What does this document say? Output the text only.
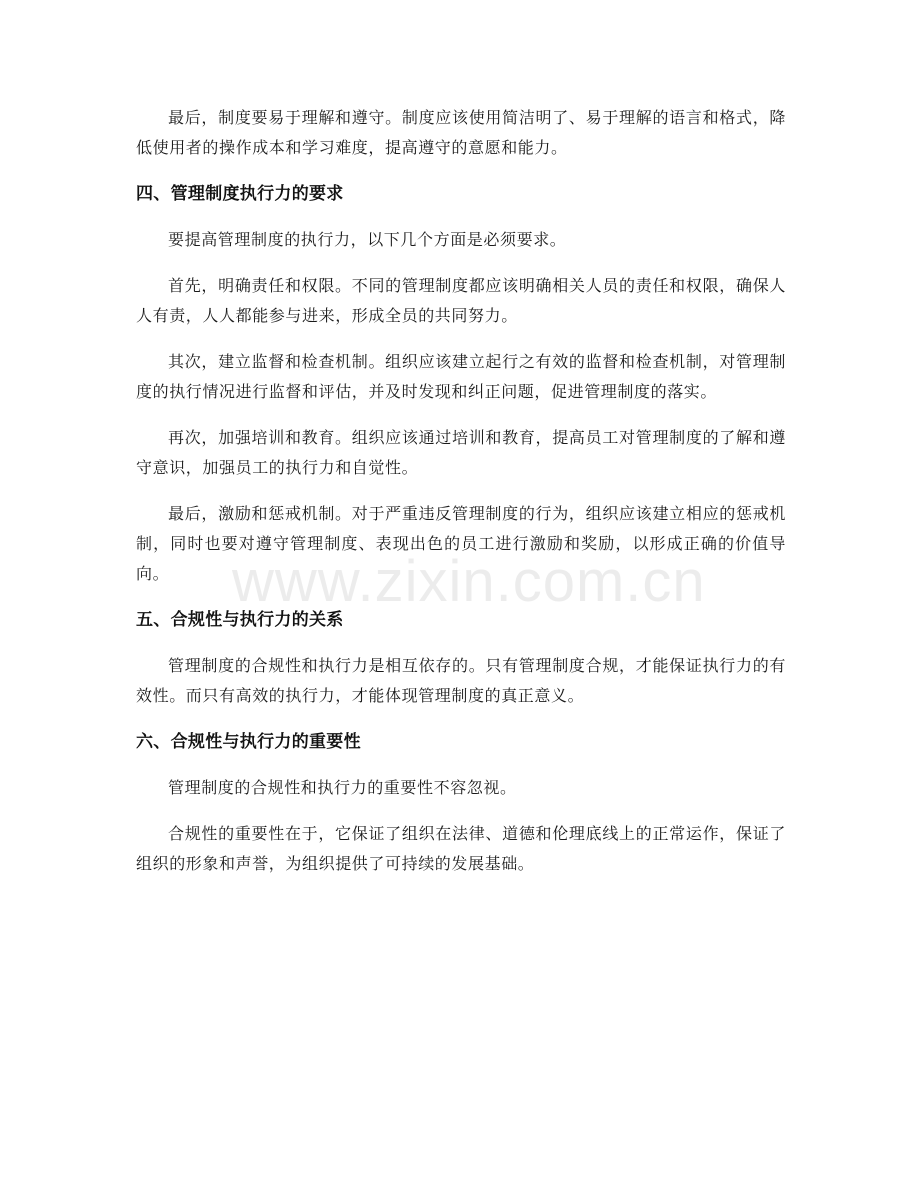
最后，制度要易于理解和遵守。制度应该使用简洁明了、易于理解的语言和格式，降低使用者的操作成本和学习难度，提高遵守的意愿和能力。

四、管理制度执行力的要求

要提高管理制度的执行力，以下几个方面是必须要求。

首先，明确责任和权限。不同的管理制度都应该明确相关人员的责任和权限，确保人人有责，人人都能参与进来，形成全员的共同努力。

其次，建立监督和检查机制。组织应该建立起行之有效的监督和检查机制，对管理制度的执行情况进行监督和评估，并及时发现和纠正问题，促进管理制度的落实。

再次，加强培训和教育。组织应该通过培训和教育，提高员工对管理制度的了解和遵守意识，加强员工的执行力和自觉性。

最后，激励和惩戒机制。对于严重违反管理制度的行为，组织应该建立相应的惩戒机制，同时也要对遵守管理制度、表现出色的员工进行激励和奖励，以形成正确的价值导向。

五、合规性与执行力的关系

管理制度的合规性和执行力是相互依存的。只有管理制度合规，才能保证执行力的有效性。而只有高效的执行力，才能体现管理制度的真正意义。

六、合规性与执行力的重要性

管理制度的合规性和执行力的重要性不容忽视。

合规性的重要性在于，它保证了组织在法律、道德和伦理底线上的正常运作，保证了组织的形象和声誉，为组织提供了可持续的发展基础。

www.zixin.com.cn
